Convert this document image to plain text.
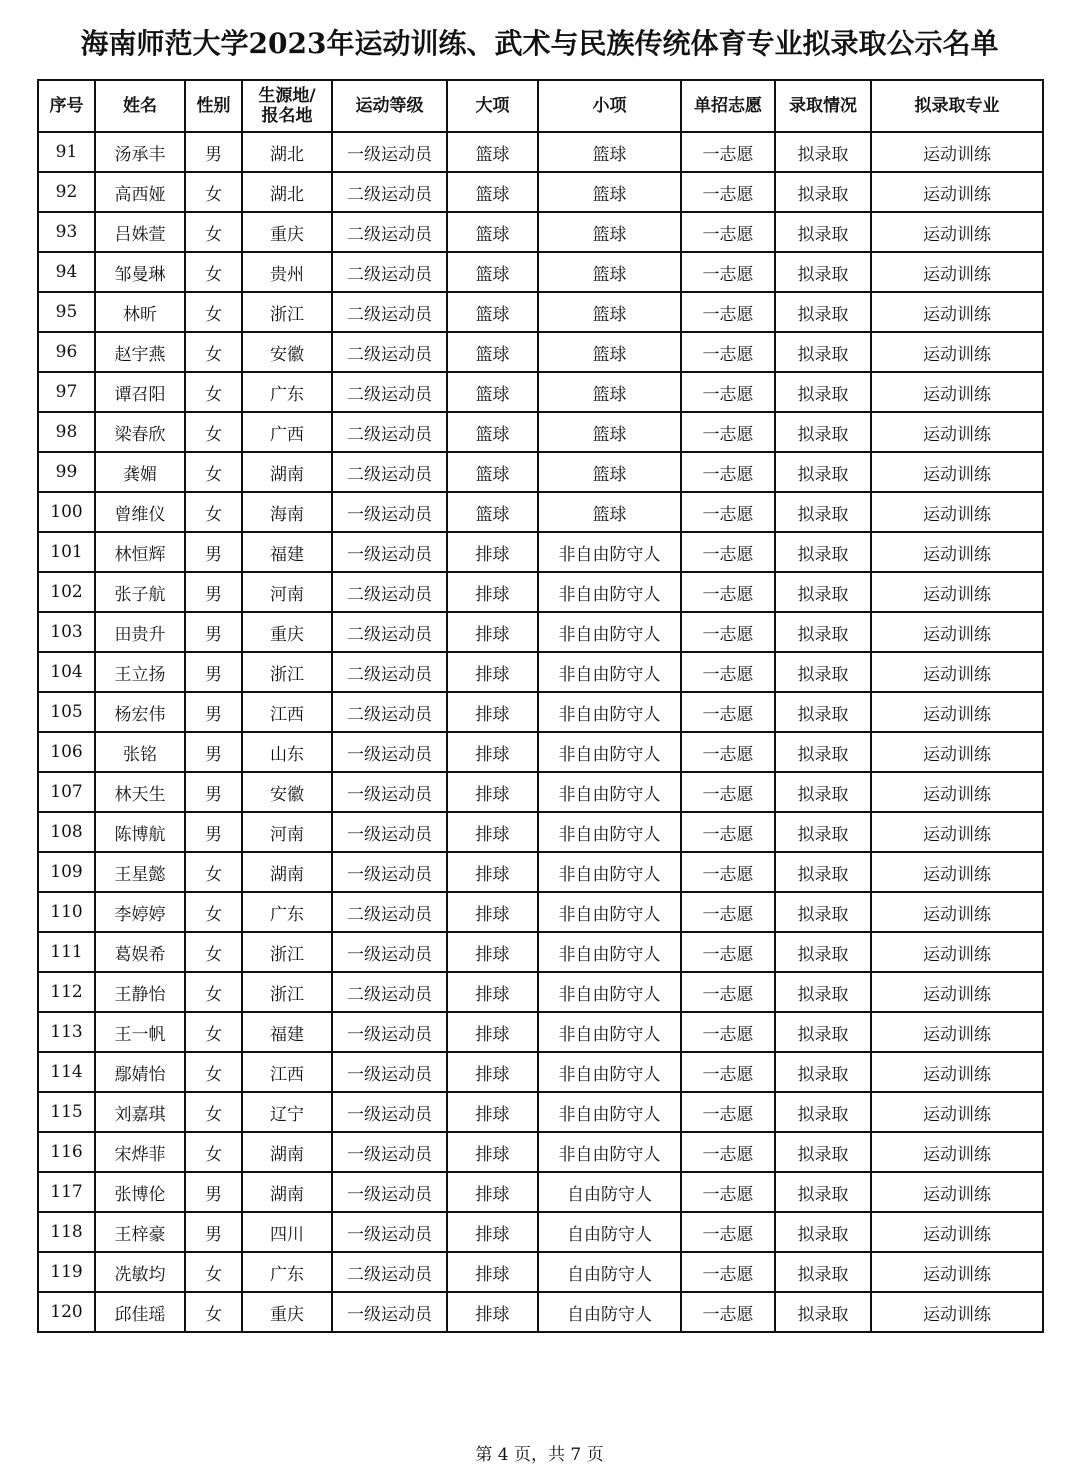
海南师范大学2023年运动训练、武术与民族传统体育专业拟录取公示名单
序号	姓名	性别	生源地/
报名地	运动等级	大项	小项	单招志愿	录取情况	拟录取专业
91	汤承丰	男	湖北	一级运动员	篮球	篮球	一志愿	拟录取	运动训练
92	高西娅	女	湖北	二级运动员	篮球	篮球	一志愿	拟录取	运动训练
93	吕姝萱	女	重庆	二级运动员	篮球	篮球	一志愿	拟录取	运动训练
94	邹曼琳	女	贵州	二级运动员	篮球	篮球	一志愿	拟录取	运动训练
95	林昕	女	浙江	二级运动员	篮球	篮球	一志愿	拟录取	运动训练
96	赵宇燕	女	安徽	二级运动员	篮球	篮球	一志愿	拟录取	运动训练
97	谭召阳	女	广东	二级运动员	篮球	篮球	一志愿	拟录取	运动训练
98	梁春欣	女	广西	二级运动员	篮球	篮球	一志愿	拟录取	运动训练
99	龚媚	女	湖南	二级运动员	篮球	篮球	一志愿	拟录取	运动训练
100	曾维仪	女	海南	一级运动员	篮球	篮球	一志愿	拟录取	运动训练
101	林恒辉	男	福建	一级运动员	排球	非自由防守人	一志愿	拟录取	运动训练
102	张子航	男	河南	二级运动员	排球	非自由防守人	一志愿	拟录取	运动训练
103	田贵升	男	重庆	二级运动员	排球	非自由防守人	一志愿	拟录取	运动训练
104	王立扬	男	浙江	二级运动员	排球	非自由防守人	一志愿	拟录取	运动训练
105	杨宏伟	男	江西	二级运动员	排球	非自由防守人	一志愿	拟录取	运动训练
106	张铭	男	山东	一级运动员	排球	非自由防守人	一志愿	拟录取	运动训练
107	林天生	男	安徽	一级运动员	排球	非自由防守人	一志愿	拟录取	运动训练
108	陈博航	男	河南	一级运动员	排球	非自由防守人	一志愿	拟录取	运动训练
109	王星懿	女	湖南	一级运动员	排球	非自由防守人	一志愿	拟录取	运动训练
110	李婷婷	女	广东	二级运动员	排球	非自由防守人	一志愿	拟录取	运动训练
111	葛娱希	女	浙江	一级运动员	排球	非自由防守人	一志愿	拟录取	运动训练
112	王静怡	女	浙江	二级运动员	排球	非自由防守人	一志愿	拟录取	运动训练
113	王一帆	女	福建	一级运动员	排球	非自由防守人	一志愿	拟录取	运动训练
114	鄢婧怡	女	江西	一级运动员	排球	非自由防守人	一志愿	拟录取	运动训练
115	刘嘉琪	女	辽宁	一级运动员	排球	非自由防守人	一志愿	拟录取	运动训练
116	宋烨菲	女	湖南	一级运动员	排球	非自由防守人	一志愿	拟录取	运动训练
117	张博伦	男	湖南	一级运动员	排球	自由防守人	一志愿	拟录取	运动训练
118	王梓豪	男	四川	一级运动员	排球	自由防守人	一志愿	拟录取	运动训练
119	冼敏均	女	广东	二级运动员	排球	自由防守人	一志愿	拟录取	运动训练
120	邱佳瑶	女	重庆	一级运动员	排球	自由防守人	一志愿	拟录取	运动训练
第 4 页，共 7 页
